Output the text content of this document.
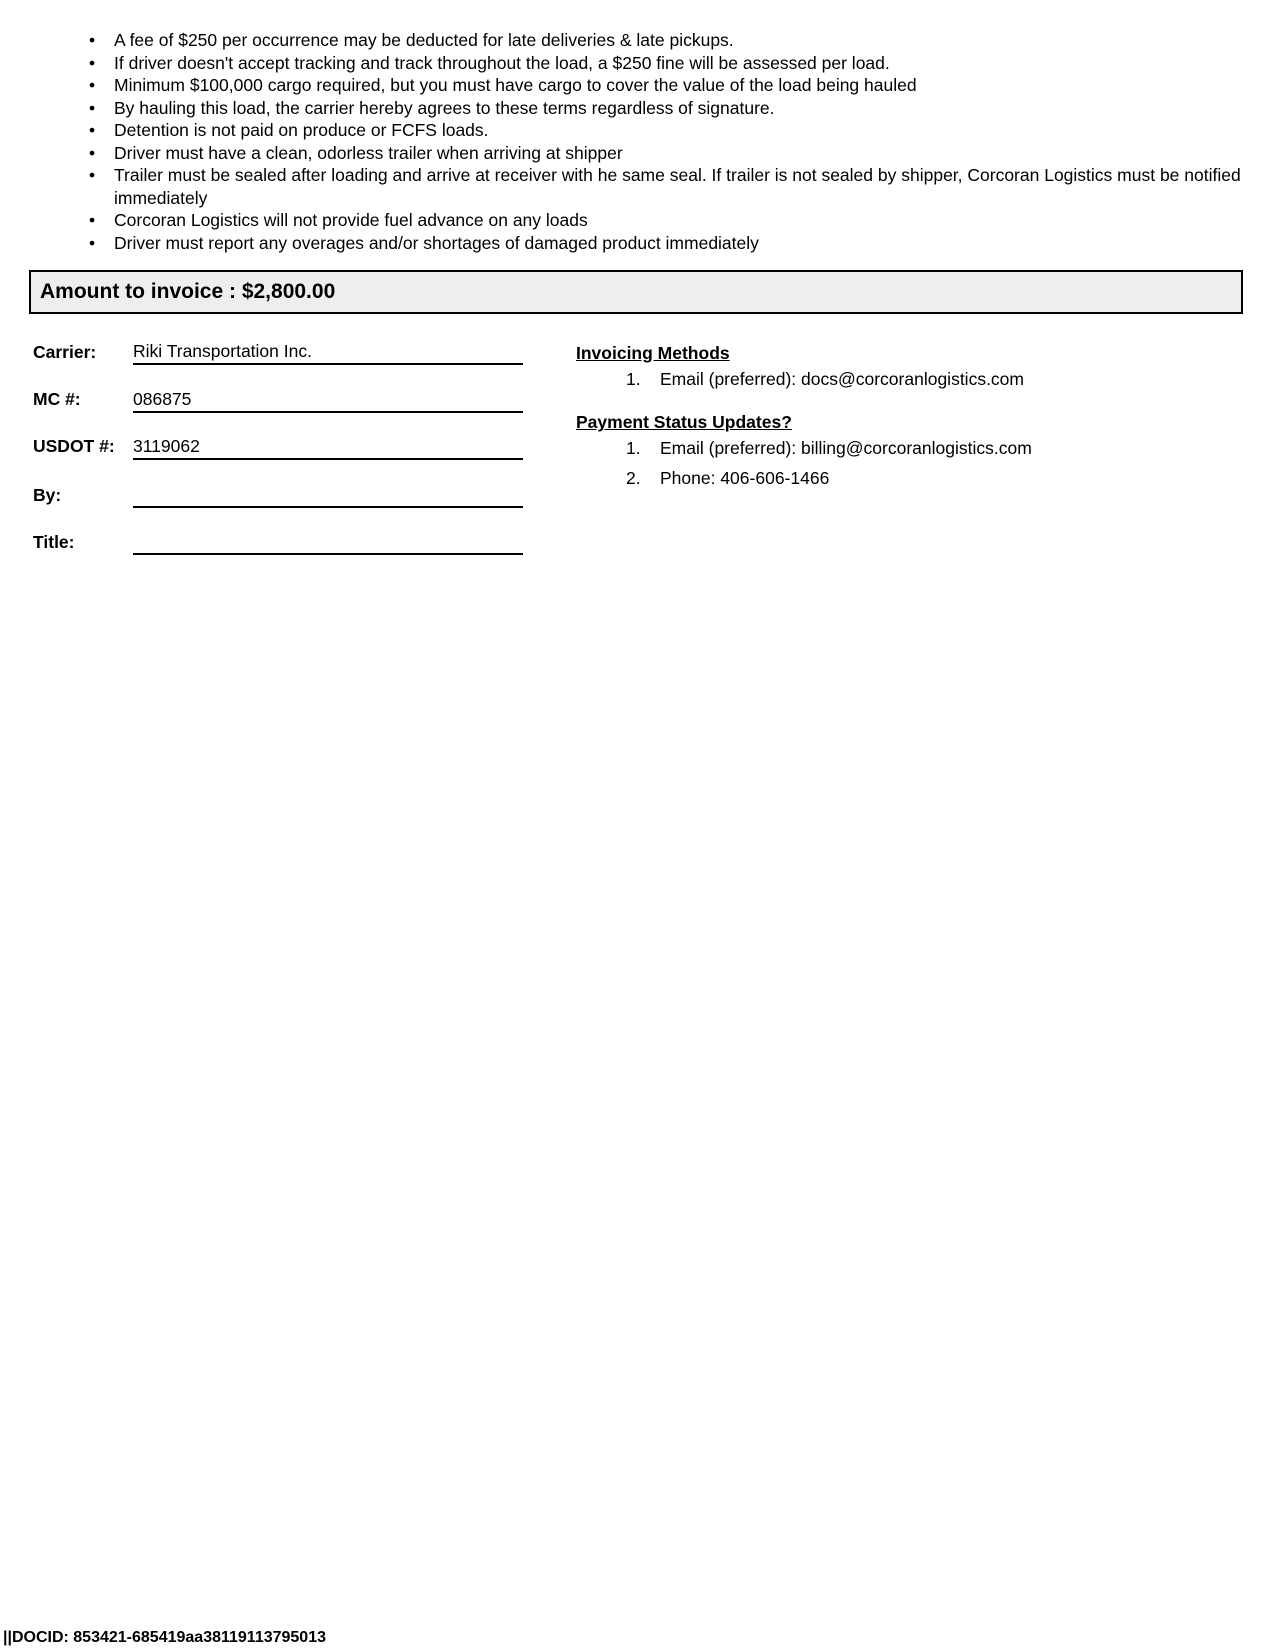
• A fee of $250 per occurrence may be deducted for late deliveries & late pickups.
• If driver doesn't accept tracking and track throughout the load, a $250 fine will be assessed per load.
• Minimum $100,000 cargo required, but you must have cargo to cover the value of the load being hauled
• By hauling this load, the carrier hereby agrees to these terms regardless of signature.
• Detention is not paid on produce or FCFS loads.
• Driver must have a clean, odorless trailer when arriving at shipper
• Trailer must be sealed after loading and arrive at receiver with he same seal. If trailer is not sealed by shipper, Corcoran Logistics must be notified immediately
• Corcoran Logistics will not provide fuel advance on any loads
• Driver must report any overages and/or shortages of damaged product immediately
Amount to invoice : $2,800.00
Carrier: Riki Transportation Inc.
MC #:	086875
USDOT #: 3119062
By:
Title:
Invoicing Methods
1. Email (preferred): docs@corcoranlogistics.com
Payment Status Updates?
1. Email (preferred): billing@corcoranlogistics.com
2. Phone: 406-606-1466
||DOCID: 853421-685419aa38119113795013
